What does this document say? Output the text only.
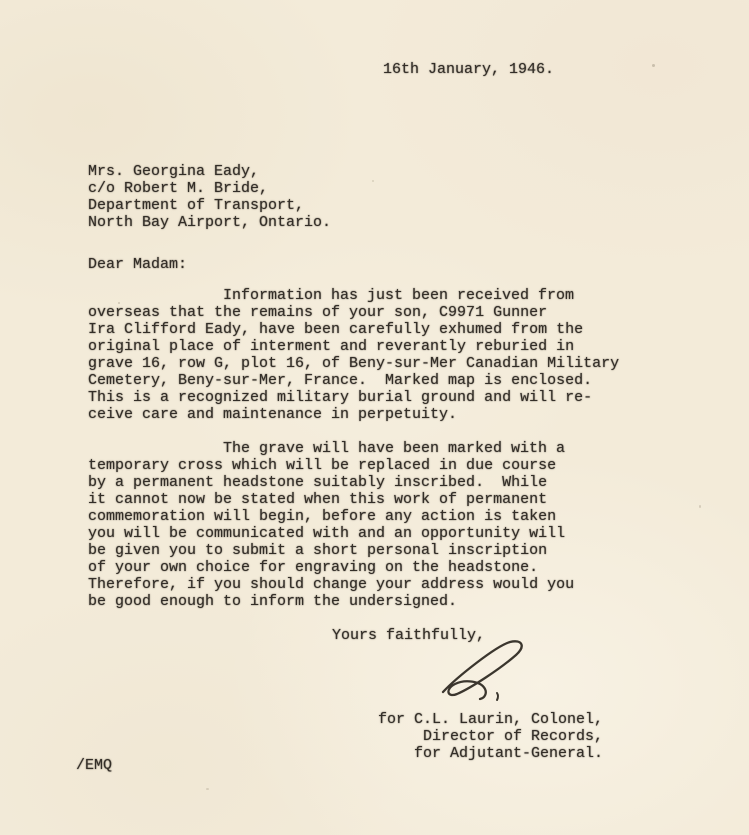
16th January, 1946.
Mrs. Georgina Eady,
c/o Robert M. Bride,
Department of Transport,
North Bay Airport, Ontario.
Dear Madam:
Information has just been received from
overseas that the remains of your son, C9971 Gunner
Ira Clifford Eady, have been carefully exhumed from the
original place of interment and reverantly reburied in
grave 16, row G, plot 16, of Beny-sur-Mer Canadian Military
Cemetery, Beny-sur-Mer, France.  Marked map is enclosed.
This is a recognized military burial ground and will re-
ceive care and maintenance in perpetuity.
The grave will have been marked with a
temporary cross which will be replaced in due course
by a permanent headstone suitably inscribed.  While
it cannot now be stated when this work of permanent
commemoration will begin, before any action is taken
you will be communicated with and an opportunity will
be given you to submit a short personal inscription
of your own choice for engraving on the headstone.
Therefore, if you should change your address would you
be good enough to inform the undersigned.
Yours faithfully,
for C.L. Laurin, Colonel,
Director of Records,
for Adjutant-General.
/EMQ
